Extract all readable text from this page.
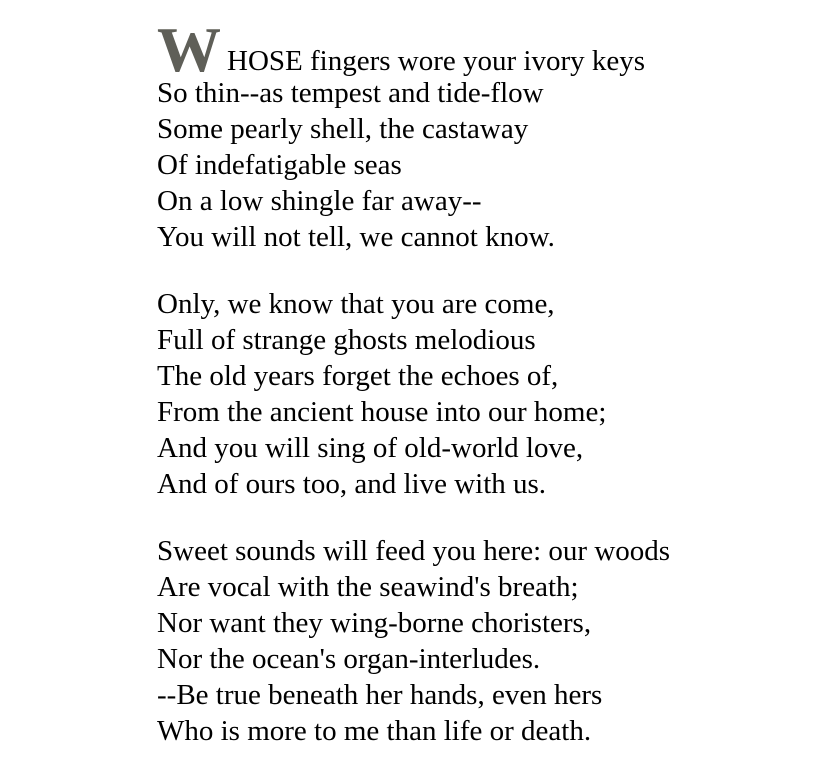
W HOSE fingers wore your ivory keys
So thin--as tempest and tide-flow
Some pearly shell, the castaway
Of indefatigable seas
On a low shingle far away--
You will not tell, we cannot know.
Only, we know that you are come,
Full of strange ghosts melodious
The old years forget the echoes of,
From the ancient house into our home;
And you will sing of old-world love,
And of ours too, and live with us.
Sweet sounds will feed you here: our woods
Are vocal with the seawind's breath;
Nor want they wing-borne choristers,
Nor the ocean's organ-interludes.
--Be true beneath her hands, even hers
Who is more to me than life or death.
